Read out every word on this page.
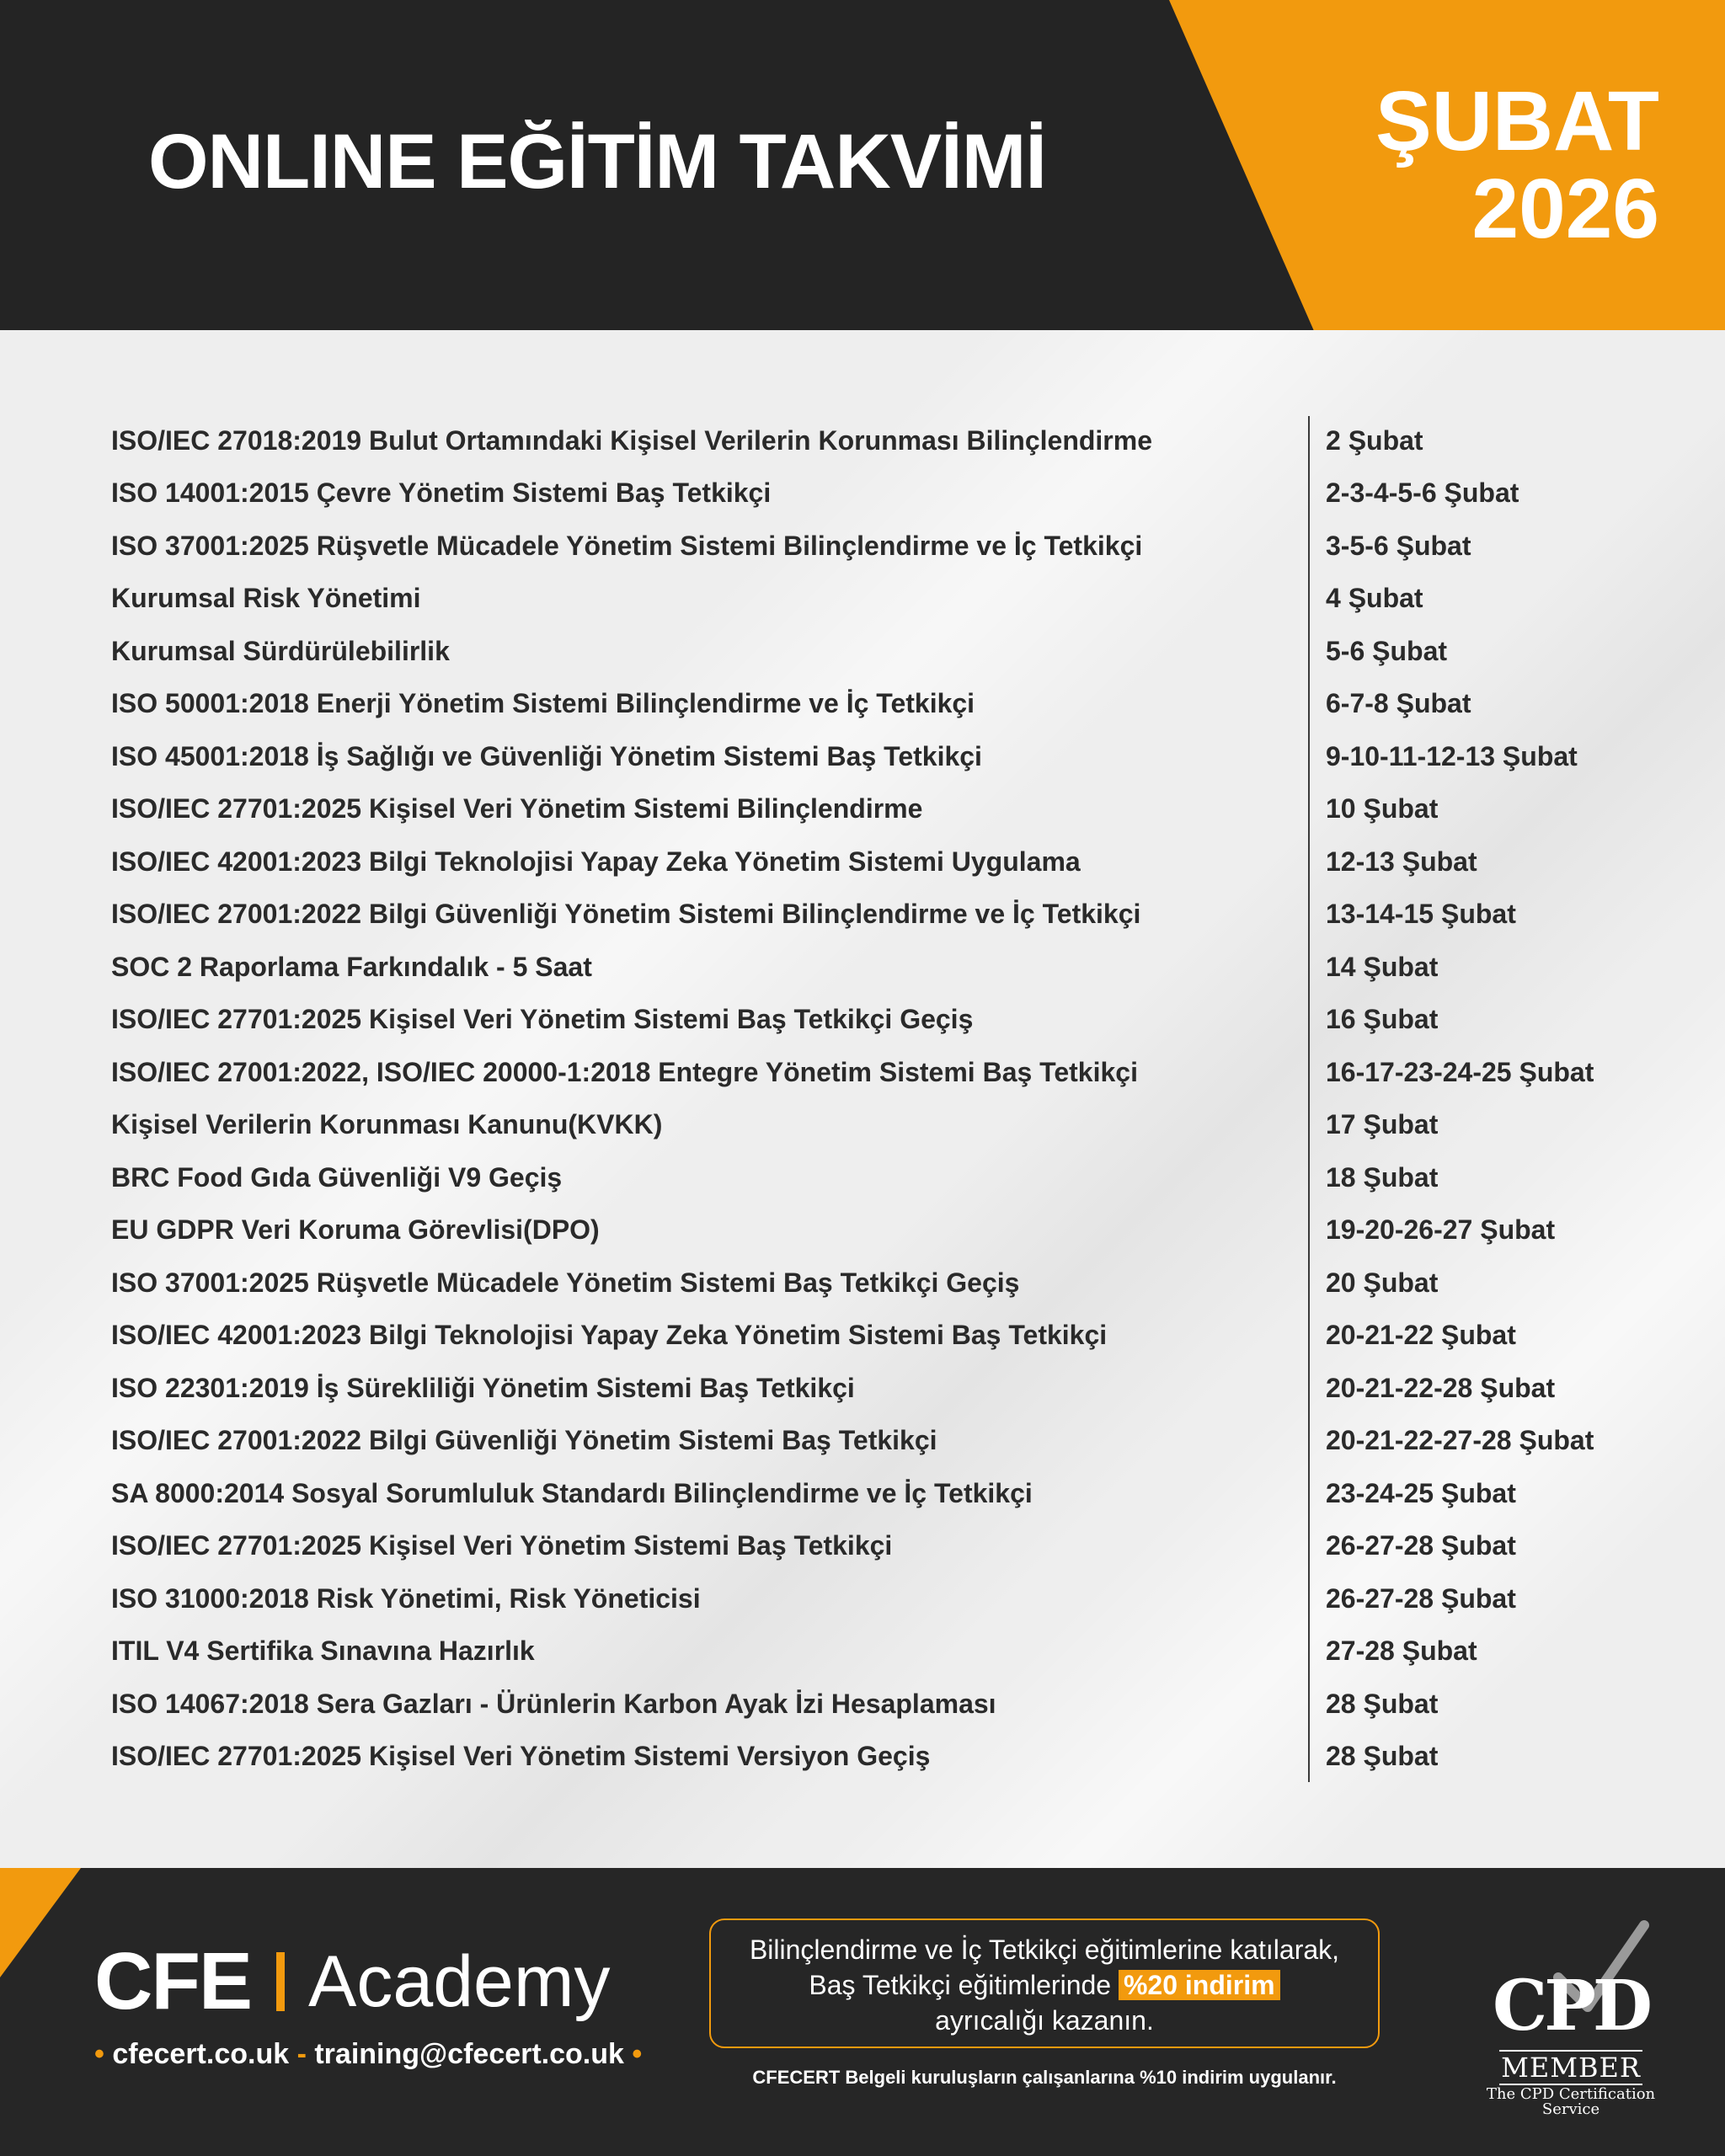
ONLINE EĞİTİM TAKVİMİ	ŞUBAT
2026
ISO/IEC 27018:2019 Bulut Ortamındaki Kişisel Verilerin Korunması Bilinçlendirme	2 Şubat
ISO 14001:2015 Çevre Yönetim Sistemi Baş Tetkikçi	2-3-4-5-6 Şubat
ISO 37001:2025 Rüşvetle Mücadele Yönetim Sistemi Bilinçlendirme ve İç Tetkikçi	3-5-6 Şubat
Kurumsal Risk Yönetimi	4 Şubat
Kurumsal Sürdürülebilirlik	5-6 Şubat
ISO 50001:2018 Enerji Yönetim Sistemi Bilinçlendirme ve İç Tetkikçi	6-7-8 Şubat
ISO 45001:2018 İş Sağlığı ve Güvenliği Yönetim Sistemi Baş Tetkikçi	9-10-11-12-13 Şubat
ISO/IEC 27701:2025 Kişisel Veri Yönetim Sistemi Bilinçlendirme	10 Şubat
ISO/IEC 42001:2023 Bilgi Teknolojisi Yapay Zeka Yönetim Sistemi Uygulama	12-13 Şubat
ISO/IEC 27001:2022 Bilgi Güvenliği Yönetim Sistemi Bilinçlendirme ve İç Tetkikçi	13-14-15 Şubat
SOC 2 Raporlama Farkındalık - 5 Saat	14 Şubat
ISO/IEC 27701:2025 Kişisel Veri Yönetim Sistemi Baş Tetkikçi Geçiş	16 Şubat
ISO/IEC 27001:2022, ISO/IEC 20000-1:2018 Entegre Yönetim Sistemi Baş Tetkikçi	16-17-23-24-25 Şubat
Kişisel Verilerin Korunması Kanunu(KVKK)	17 Şubat
BRC Food Gıda Güvenliği V9 Geçiş	18 Şubat
EU GDPR Veri Koruma Görevlisi(DPO)	19-20-26-27 Şubat
ISO 37001:2025 Rüşvetle Mücadele Yönetim Sistemi Baş Tetkikçi Geçiş	20 Şubat
ISO/IEC 42001:2023 Bilgi Teknolojisi Yapay Zeka Yönetim Sistemi Baş Tetkikçi	20-21-22 Şubat
ISO 22301:2019 İş Sürekliliği Yönetim Sistemi Baş Tetkikçi	20-21-22-28 Şubat
ISO/IEC 27001:2022 Bilgi Güvenliği Yönetim Sistemi Baş Tetkikçi	20-21-22-27-28 Şubat
SA 8000:2014 Sosyal Sorumluluk Standardı Bilinçlendirme ve İç Tetkikçi	23-24-25 Şubat
ISO/IEC 27701:2025 Kişisel Veri Yönetim Sistemi Baş Tetkikçi	26-27-28 Şubat
ISO 31000:2018 Risk Yönetimi, Risk Yöneticisi	26-27-28 Şubat
ITIL V4 Sertifika Sınavına Hazırlık	27-28 Şubat
ISO 14067:2018 Sera Gazları - Ürünlerin Karbon Ayak İzi Hesaplaması	28 Şubat
ISO/IEC 27701:2025 Kişisel Veri Yönetim Sistemi Versiyon Geçiş	28 Şubat
CFE Academy
• cfecert.co.uk - training@cfecert.co.uk •
Bilinçlendirme ve İç Tetkikçi eğitimlerine katılarak,
Baş Tetkikçi eğitimlerinde %20 indirim
ayrıcalığı kazanın.
CFECERT Belgeli kuruluşların çalışanlarına %10 indirim uygulanır.
CPD
MEMBER
The CPD Certification
Service
